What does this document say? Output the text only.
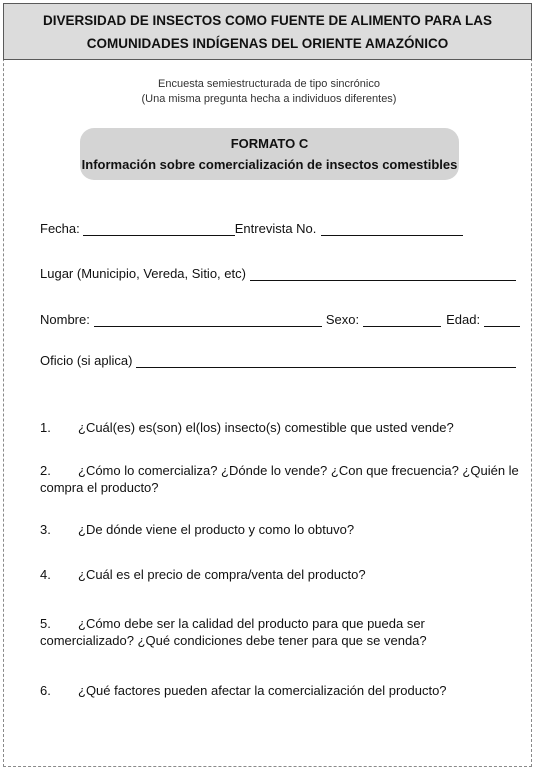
DIVERSIDAD DE INSECTOS COMO FUENTE DE ALIMENTO PARA LAS
COMUNIDADES INDÍGENAS DEL ORIENTE AMAZÓNICO
Encuesta semiestructurada de tipo sincrónico
(Una misma pregunta hecha a individuos diferentes)
FORMATO C
Información sobre comercialización de insectos comestibles
Fecha:	Entrevista No.
Lugar (Municipio, Vereda, Sitio, etc)
Nombre:	Sexo:	Edad:
Oficio (si aplica)
1. ¿Cuál(es) es(son) el(los) insecto(s) comestible que usted vende?
2. ¿Cómo lo comercializa? ¿Dónde lo vende? ¿Con que frecuencia? ¿Quién le compra el producto?
3. ¿De dónde viene el producto y como lo obtuvo?
4. ¿Cuál es el precio de compra/venta del producto?
5. ¿Cómo debe ser la calidad del producto para que pueda ser comercializado? ¿Qué condiciones debe tener para que se venda?
6. ¿Qué factores pueden afectar la comercialización del producto?
